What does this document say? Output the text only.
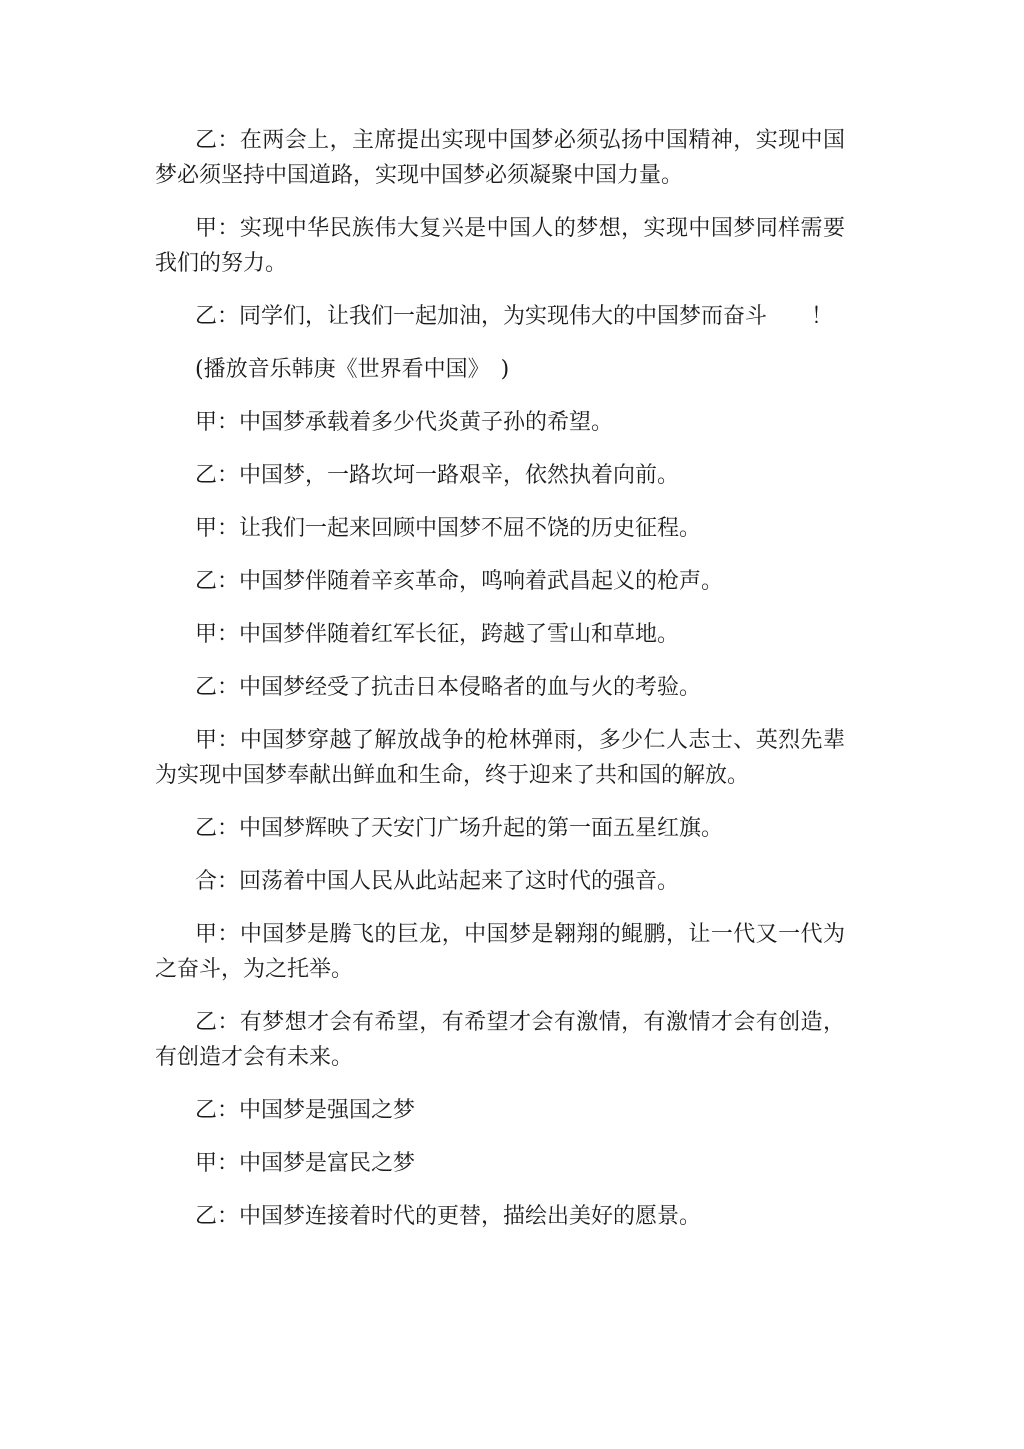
乙：在两会上，主席提出实现中国梦必须弘扬中国精神，实现中国梦必须坚持中国道路，实现中国梦必须凝聚中国力量。

甲：实现中华民族伟大复兴是中国人的梦想，实现中国梦同样需要我们的努力。

乙：同学们，让我们一起加油，为实现伟大的中国梦而奋斗　　！

(播放音乐韩庚《世界看中国》　)

甲：中国梦承载着多少代炎黄子孙的希望。

乙：中国梦，一路坎坷一路艰辛，依然执着向前。

甲：让我们一起来回顾中国梦不屈不饶的历史征程。

乙：中国梦伴随着辛亥革命，鸣响着武昌起义的枪声。

甲：中国梦伴随着红军长征，跨越了雪山和草地。

乙：中国梦经受了抗击日本侵略者的血与火的考验。

甲：中国梦穿越了解放战争的枪林弹雨，多少仁人志士、英烈先辈为实现中国梦奉献出鲜血和生命，终于迎来了共和国的解放。

乙：中国梦辉映了天安门广场升起的第一面五星红旗。

合：回荡着中国人民从此站起来了这时代的强音。

甲：中国梦是腾飞的巨龙，中国梦是翱翔的鲲鹏，让一代又一代为之奋斗，为之托举。

乙：有梦想才会有希望，有希望才会有激情，有激情才会有创造，有创造才会有未来。

乙：中国梦是强国之梦

甲：中国梦是富民之梦

乙：中国梦连接着时代的更替，描绘出美好的愿景。
